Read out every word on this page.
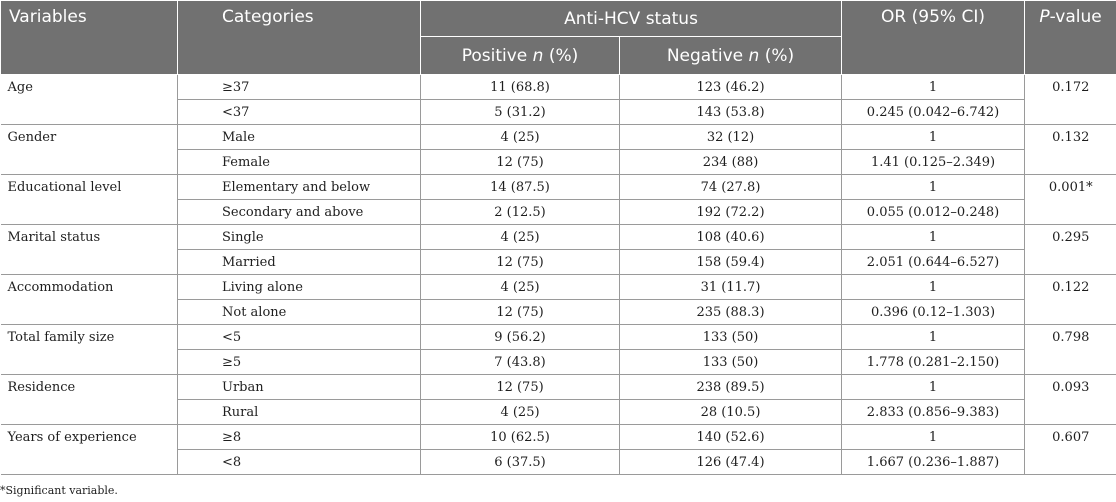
Variables	Categories	Anti-HCV status		OR (95% CI)	P-value
		Positive n (%)	Negative n (%)		
Age	≥37	11 (68.8)	123 (46.2)	1	0.172
	<37	5 (31.2)	143 (53.8)	0.245 (0.042–6.742)	
Gender	Male	4 (25)	32 (12)	1	0.132
	Female	12 (75)	234 (88)	1.41 (0.125–2.349)	
Educational level	Elementary and below	14 (87.5)	74 (27.8)	1	0.001*
	Secondary and above	2 (12.5)	192 (72.2)	0.055 (0.012–0.248)	
Marital status	Single	4 (25)	108 (40.6)	1	0.295
	Married	12 (75)	158 (59.4)	2.051 (0.644–6.527)	
Accommodation	Living alone	4 (25)	31 (11.7)	1	0.122
	Not alone	12 (75)	235 (88.3)	0.396 (0.12–1.303)	
Total family size	<5	9 (56.2)	133 (50)	1	0.798
	≥5	7 (43.8)	133 (50)	1.778 (0.281–2.150)	
Residence	Urban	12 (75)	238 (89.5)	1	0.093
	Rural	4 (25)	28 (10.5)	2.833 (0.856–9.383)	
Years of experience	≥8	10 (62.5)	140 (52.6)	1	0.607
	<8	6 (37.5)	126 (47.4)	1.667 (0.236–1.887)	
*Significant variable.
